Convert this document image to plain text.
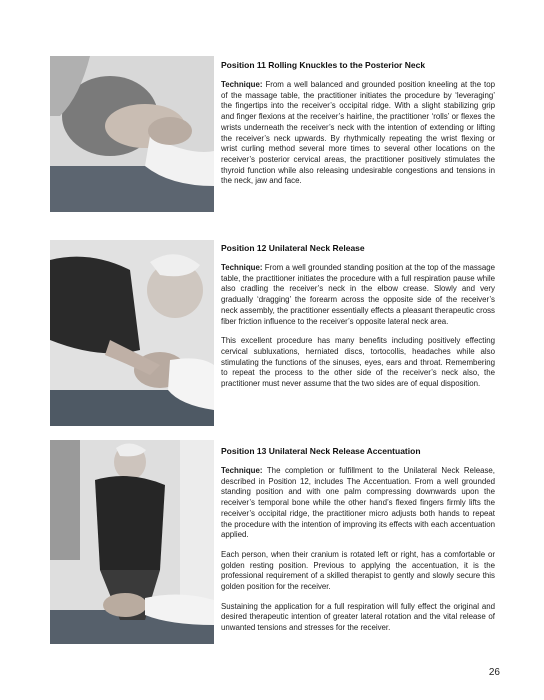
Position 11 Rolling Knuckles to the Posterior Neck

Technique: From a well balanced and grounded position kneeling at the top of the massage table, the practitioner initiates the procedure by ‘leveraging’ the fingertips into the receiver’s occipital ridge. With a slight stabilizing grip and finger flexions at the receiver’s hairline, the practitioner ‘rolls’ or flexes the wrists underneath the receiver’s neck with the intention of extending or lifting the receiver’s neck upwards. By rhythmically repeating the wrist flexing or wrist curling method several more times to several other locations on the receiver’s posterior cervical areas, the practitioner positively stimulates the thyroid function while also releasing undesirable congestions and tensions in the neck, jaw and face.

Position 12 Unilateral Neck Release

Technique: From a well grounded standing position at the top of the massage table, the practitioner initiates the procedure with a full respiration pause while also cradling the receiver’s neck in the elbow crease. Slowly and very gradually ‘dragging’ the forearm across the opposite side of the receiver’s neck assembly, the practitioner essentially effects a pleasant therapeutic cross fiber friction influence to the receiver’s opposite lateral neck area.

This excellent procedure has many benefits including positively effecting cervical subluxations, herniated discs, tortocollis, headaches while also stimulating the functions of the sinuses, eyes, ears and throat. Remembering to repeat the process to the other side of the receiver’s neck also, the practitioner must never assume that the two sides are of equal disposition.

Position 13 Unilateral Neck Release Accentuation

Technique: The completion or fulfillment to the Unilateral Neck Release, described in Position 12, includes The Accentuation. From a well grounded standing position and with one palm compressing downwards upon the receiver’s temporal bone while the other hand’s flexed fingers firmly lifts the receiver’s occipital ridge, the practitioner micro adjusts both hands to repeat the procedure with the intention of improving its effects with each accentuation applied.

Each person, when their cranium is rotated left or right, has a comfortable or golden resting position. Previous to applying the accentuation, it is the professional requirement of a skilled therapist to gently and slowly secure this golden position for the receiver.

Sustaining the application for a full respiration will fully effect the original and desired therapeutic intention of greater lateral rotation and the vital release of unwanted tensions and stresses for the receiver.

26
